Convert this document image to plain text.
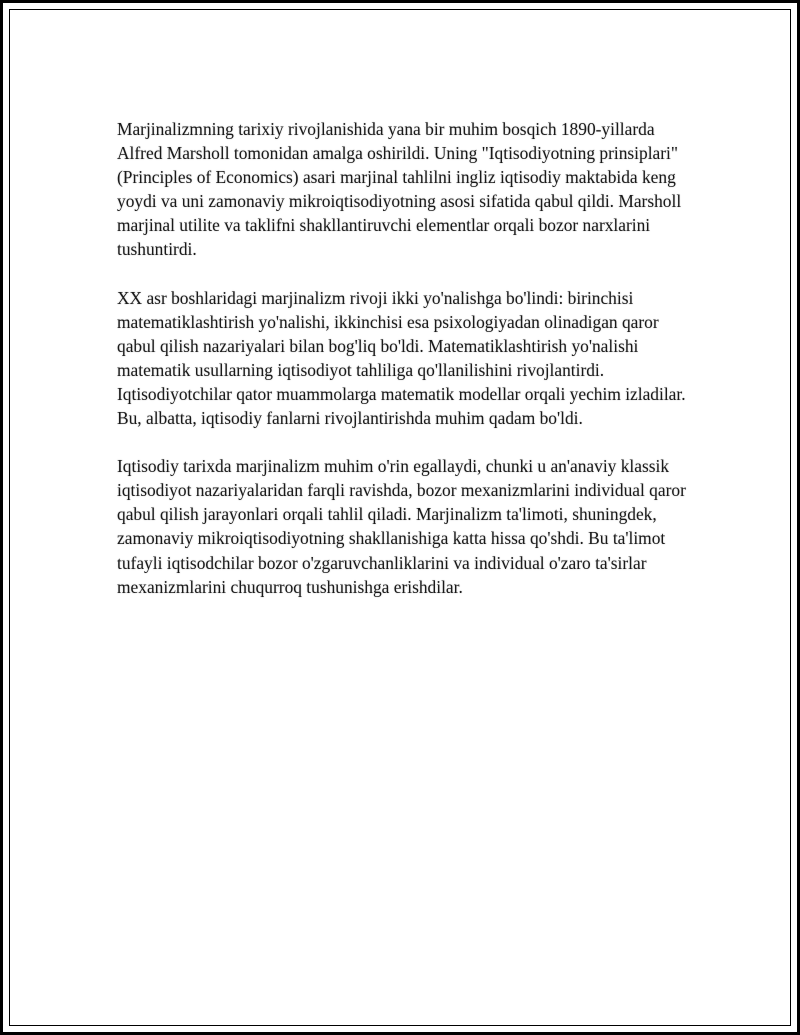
Marjinalizmning tarixiy rivojlanishida yana bir muhim bosqich 1890-yillarda Alfred Marsholl tomonidan amalga oshirildi. Uning "Iqtisodiyotning prinsiplari" (Principles of Economics) asari marjinal tahlilni ingliz iqtisodiy maktabida keng yoydi va uni zamonaviy mikroiqtisodiyotning asosi sifatida qabul qildi. Marsholl marjinal utilite va taklifni shakllantiruvchi elementlar orqali bozor narxlarini tushuntirdi.

XX asr boshlaridagi marjinalizm rivoji ikki yo'nalishga bo'lindi: birinchisi matematiklashtirish yo'nalishi, ikkinchisi esa psixologiyadan olinadigan qaror qabul qilish nazariyalari bilan bog'liq bo'ldi. Matematiklashtirish yo'nalishi matematik usullarning iqtisodiyot tahliliga qo'llanilishini rivojlantirdi. Iqtisodiyotchilar qator muammolarga matematik modellar orqali yechim izladilar. Bu, albatta, iqtisodiy fanlarni rivojlantirishda muhim qadam bo'ldi.

Iqtisodiy tarixda marjinalizm muhim o'rin egallaydi, chunki u an'anaviy klassik iqtisodiyot nazariyalaridan farqli ravishda, bozor mexanizmlarini individual qaror qabul qilish jarayonlari orqali tahlil qiladi. Marjinalizm ta'limoti, shuningdek, zamonaviy mikroiqtisodiyotning shakllanishiga katta hissa qo'shdi. Bu ta'limot tufayli iqtisodchilar bozor o'zgaruvchanliklarini va individual o'zaro ta'sirlar mexanizmlarini chuqurroq tushunishga erishdilar.
